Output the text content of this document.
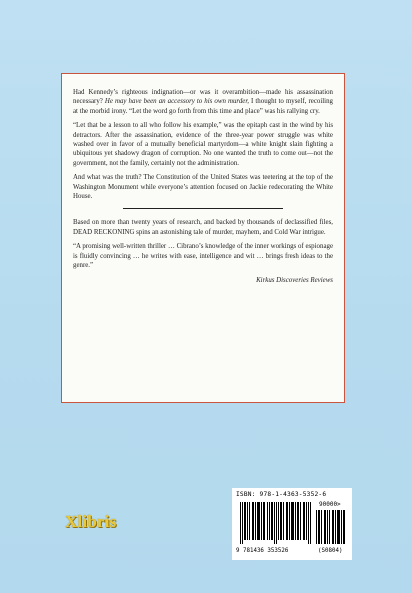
Had Kennedy’s righteous indignation—or was it overambition—made his assassination necessary? He may have been an accessory to his own murder, I thought to myself, recoiling at the morbid irony. “Let the word go forth from this time and place” was his rallying cry.

“Let that be a lesson to all who follow his example,” was the epitaph cast in the wind by his detractors. After the assassination, evidence of the three-year power struggle was white washed over in favor of a mutually beneficial martyrdom—a white knight slain fighting a ubiquitous yet shadowy dragon of corruption. No one wanted the truth to come out—not the government, not the family, certainly not the administration.

And what was the truth? The Constitution of the United States was teetering at the top of the Washington Monument while everyone’s attention focused on Jackie redecorating the White House.

Based on more than twenty years of research, and backed by thousands of declassified files, DEAD RECKONING spins an astonishing tale of murder, mayhem, and Cold War intrigue.

“A promising well-written thriller … Cibrano’s knowledge of the inner workings of espionage is fluidly convincing … he writes with ease, intelligence and wit … brings fresh ideas to the genre.”

Kirkus Discoveries Reviews

Xlibris
ISBN: 978-1-4363-5352-6
90000>
9 781436 353526	(S0804)
